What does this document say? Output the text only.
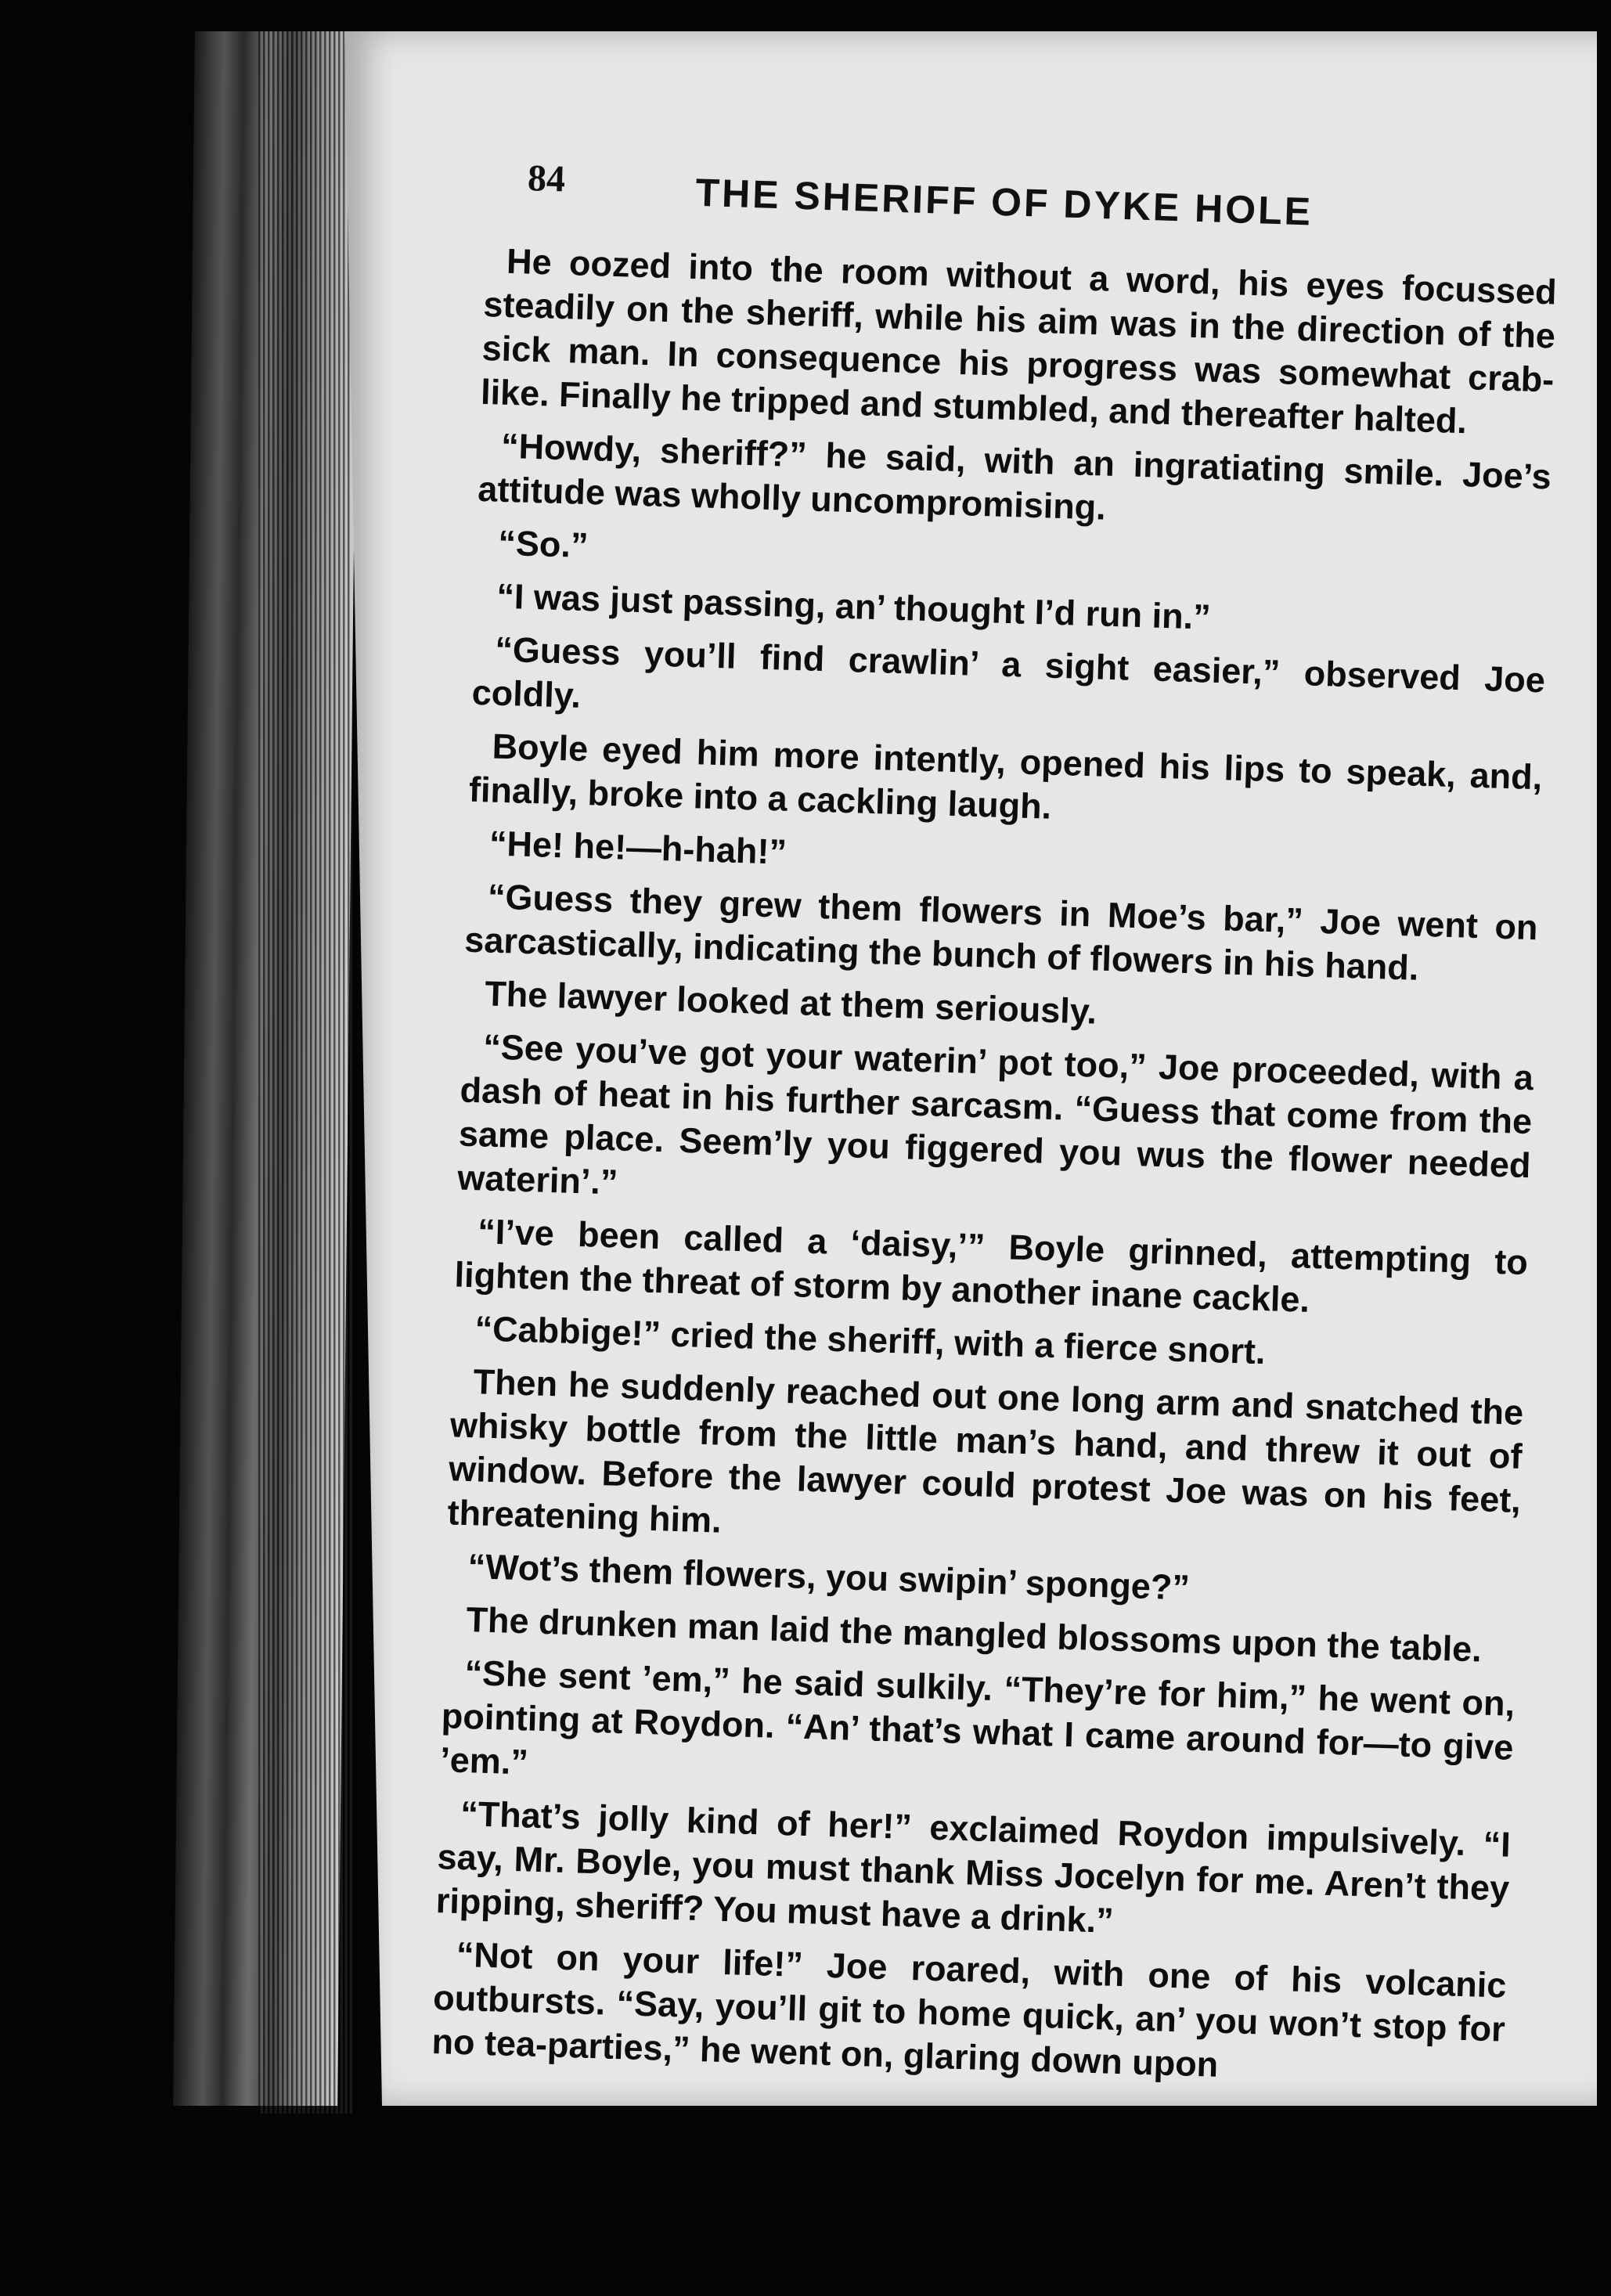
84	THE SHERIFF OF DYKE HOLE

He oozed into the room without a word, his eyes focussed steadily on the sheriff, while his aim was in the direction of the sick man. In consequence his progress was somewhat crab-like. Finally he tripped and stumbled, and thereafter halted.

“Howdy, sheriff?” he said, with an ingratiating smile. Joe’s attitude was wholly uncompromising.

“So.”

“I was just passing, an’ thought I’d run in.”

“Guess you’ll find crawlin’ a sight easier,” observed Joe coldly.

Boyle eyed him more intently, opened his lips to speak, and, finally, broke into a cackling laugh.

“He! he!—h-hah!”

“Guess they grew them flowers in Moe’s bar,” Joe went on sarcastically, indicating the bunch of flowers in his hand.

The lawyer looked at them seriously.

“See you’ve got your waterin’ pot too,” Joe proceeded, with a dash of heat in his further sarcasm. “Guess that come from the same place. Seem’ly you figgered you wus the flower needed waterin’.”

“I’ve been called a ‘daisy,’” Boyle grinned, attempting to lighten the threat of storm by another inane cackle.

“Cabbige!” cried the sheriff, with a fierce snort.

Then he suddenly reached out one long arm and snatched the whisky bottle from the little man’s hand, and threw it out of window. Before the lawyer could protest Joe was on his feet, threatening him.

“Wot’s them flowers, you swipin’ sponge?”

The drunken man laid the mangled blossoms upon the table.

“She sent ’em,” he said sulkily. “They’re for him,” he went on, pointing at Roydon. “An’ that’s what I came around for—to give ’em.”

“That’s jolly kind of her!” exclaimed Roydon impulsively. “I say, Mr. Boyle, you must thank Miss Jocelyn for me. Aren’t they ripping, sheriff? You must have a drink.”

“Not on your life!” Joe roared, with one of his volcanic outbursts. “Say, you’ll git to home quick, an’ you won’t stop for no tea-parties,” he went on, glaring down upon
